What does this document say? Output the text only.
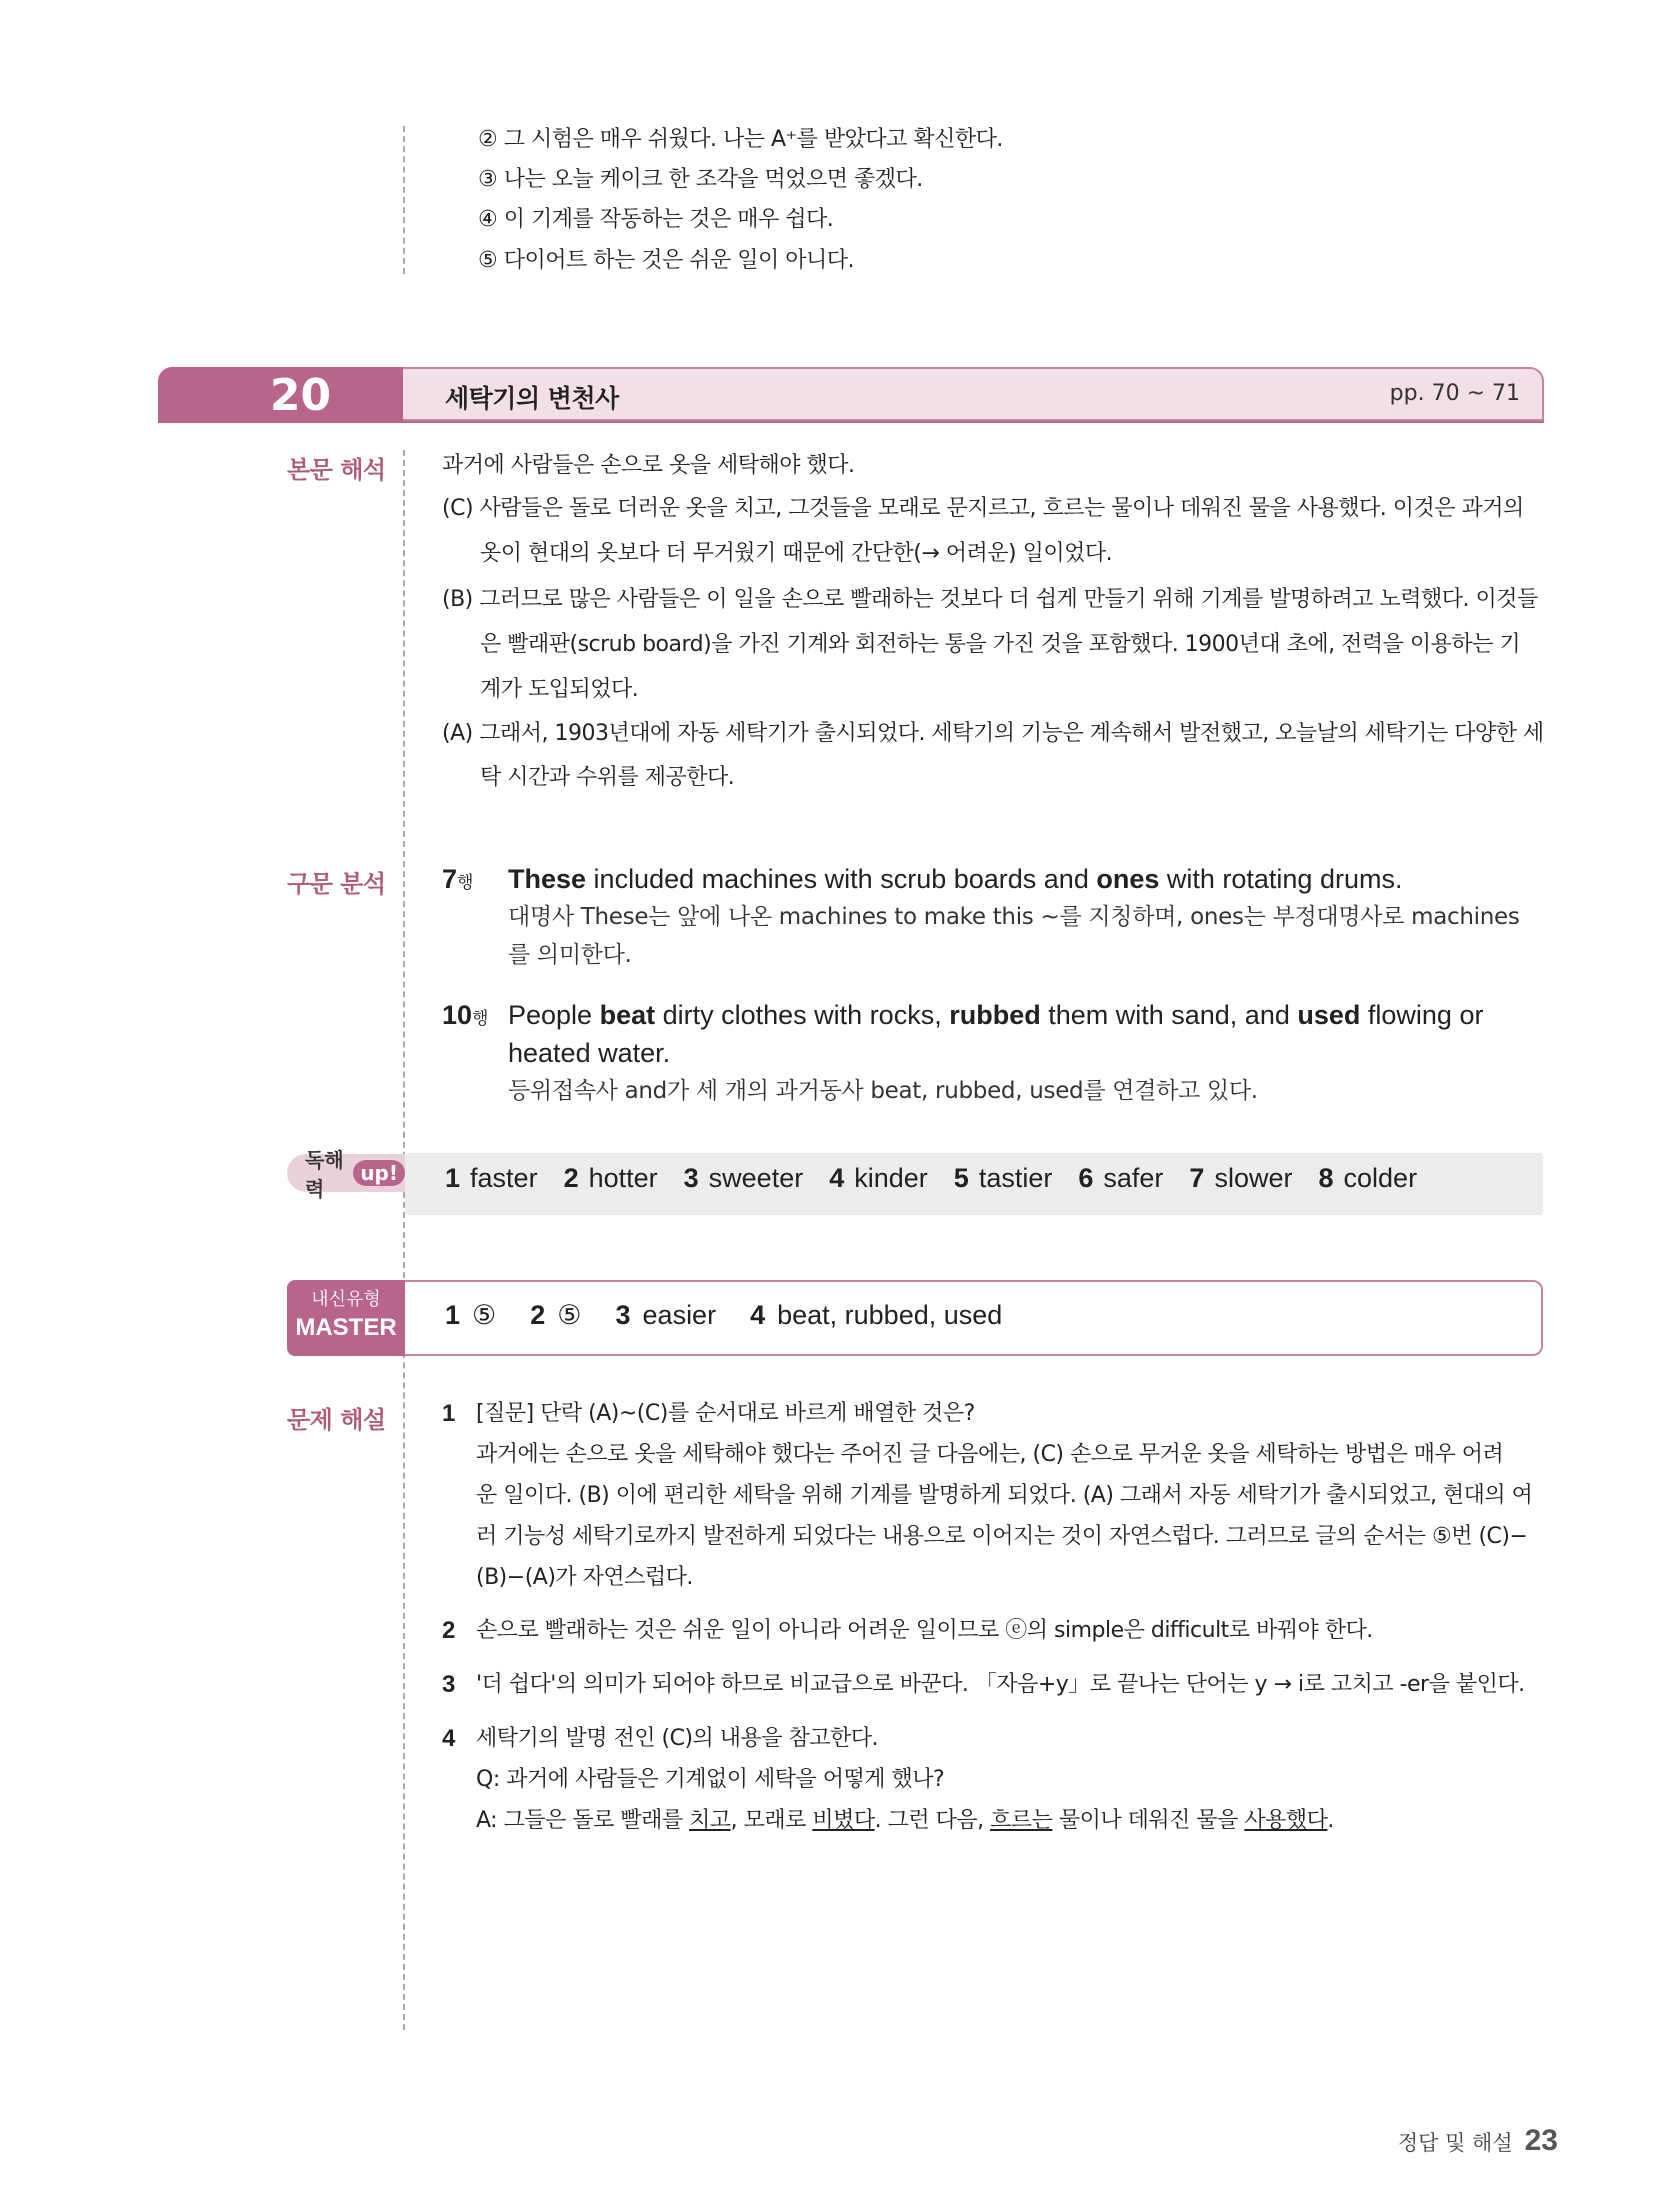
② 그 시험은 매우 쉬웠다. 나는 A⁺를 받았다고 확신한다.
③ 나는 오늘 케이크 한 조각을 먹었으면 좋겠다.
④ 이 기계를 작동하는 것은 매우 쉽다.
⑤ 다이어트 하는 것은 쉬운 일이 아니다.
20	세탁기의 변천사	pp. 70 ~ 71
본문 해석	과거에 사람들은 손으로 옷을 세탁해야 했다.
(C) 사람들은 돌로 더러운 옷을 치고, 그것들을 모래로 문지르고, 흐르는 물이나 데워진 물을 사용했다. 이것은 과거의
옷이 현대의 옷보다 더 무거웠기 때문에 간단한(→ 어려운) 일이었다.
(B) 그러므로 많은 사람들은 이 일을 손으로 빨래하는 것보다 더 쉽게 만들기 위해 기계를 발명하려고 노력했다. 이것들
은 빨래판(scrub board)을 가진 기계와 회전하는 통을 가진 것을 포함했다. 1900년대 초에, 전력을 이용하는 기
계가 도입되었다.
(A) 그래서, 1903년대에 자동 세탁기가 출시되었다. 세탁기의 기능은 계속해서 발전했고, 오늘날의 세탁기는 다양한 세
탁 시간과 수위를 제공한다.
구문 분석 7행	These included machines with scrub boards and ones with rotating drums.
대명사 These는 앞에 나온 machines to make this ~를 지칭하며, ones는 부정대명사로 machines
를 의미한다.
10행 People beat dirty clothes with rocks, rubbed them with sand, and used flowing or
heated water.
등위접속사 and가 세 개의 과거동사 beat, rubbed, used를 연결하고 있다.
독해력
up! 1 faster 2 hotter 3 sweeter 4 kinder 5 tastier 6 safer 7 slower 8 colder
내신유형
MASTER	1 ⑤ 2 ⑤ 3 easier 4 beat, rubbed, used
문제 해설 1 [질문] 단락 (A)~(C)를 순서대로 바르게 배열한 것은?
과거에는 손으로 옷을 세탁해야 했다는 주어진 글 다음에는, (C) 손으로 무거운 옷을 세탁하는 방법은 매우 어려
운 일이다. (B) 이에 편리한 세탁을 위해 기계를 발명하게 되었다. (A) 그래서 자동 세탁기가 출시되었고, 현대의 여
러 기능성 세탁기로까지 발전하게 되었다는 내용으로 이어지는 것이 자연스럽다. 그러므로 글의 순서는 ⑤번 (C)−
(B)−(A)가 자연스럽다.
2 손으로 빨래하는 것은 쉬운 일이 아니라 어려운 일이므로 ⓔ의 simple은 difficult로 바꿔야 한다.
3 '더 쉽다'의 의미가 되어야 하므로 비교급으로 바꾼다. 「자음+y」로 끝나는 단어는 y → i로 고치고 -er을 붙인다.
4 세탁기의 발명 전인 (C)의 내용을 참고한다.
Q: 과거에 사람들은 기계없이 세탁을 어떻게 했나?
A: 그들은 돌로 빨래를 치고, 모래로 비볐다. 그런 다음, 흐르는 물이나 데워진 물을 사용했다.
정답 및 해설 23
